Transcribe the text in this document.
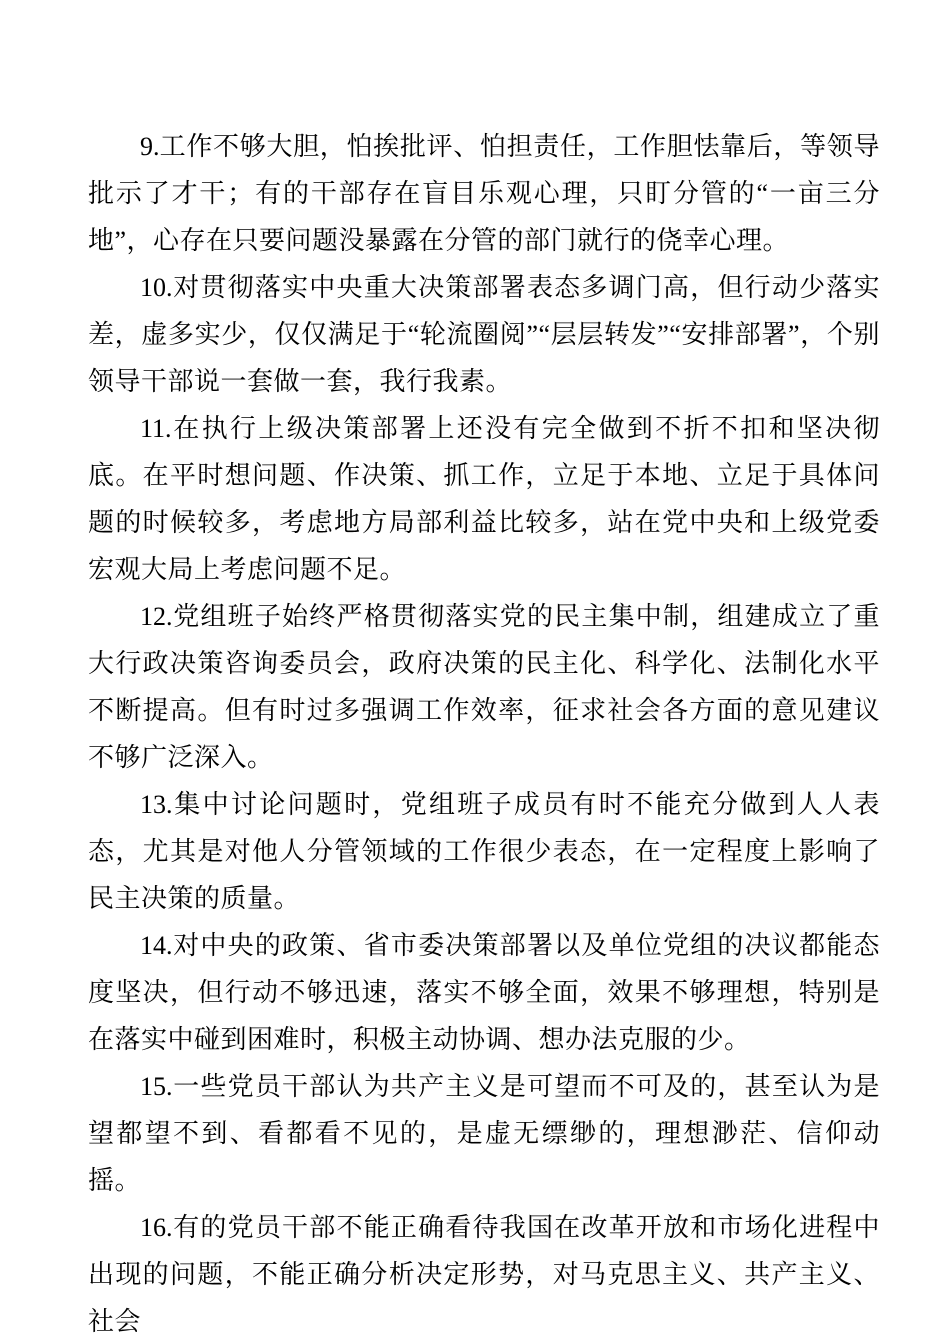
9.工作不够大胆，怕挨批评、怕担责任，工作胆怯靠后，等领导批示了才干；有的干部存在盲目乐观心理，只盯分管的“一亩三分地”，心存在只要问题没暴露在分管的部门就行的侥幸心理。

10.对贯彻落实中央重大决策部署表态多调门高，但行动少落实差，虚多实少，仅仅满足于“轮流圈阅”“层层转发”“安排部署”，个别领导干部说一套做一套，我行我素。

11.在执行上级决策部署上还没有完全做到不折不扣和坚决彻底。在平时想问题、作决策、抓工作，立足于本地、立足于具体问题的时候较多，考虑地方局部利益比较多，站在党中央和上级党委宏观大局上考虑问题不足。

12.党组班子始终严格贯彻落实党的民主集中制，组建成立了重大行政决策咨询委员会，政府决策的民主化、科学化、法制化水平不断提高。但有时过多强调工作效率，征求社会各方面的意见建议不够广泛深入。

13.集中讨论问题时，党组班子成员有时不能充分做到人人表态，尤其是对他人分管领域的工作很少表态，在一定程度上影响了民主决策的质量。

14.对中央的政策、省市委决策部署以及单位党组的决议都能态度坚决，但行动不够迅速，落实不够全面，效果不够理想，特别是在落实中碰到困难时，积极主动协调、想办法克服的少。

15.一些党员干部认为共产主义是可望而不可及的，甚至认为是望都望不到、看都看不见的，是虚无缥缈的，理想渺茫、信仰动摇。

16.有的党员干部不能正确看待我国在改革开放和市场化进程中出现的问题，不能正确分析决定形势，对马克思主义、共产主义、社会
